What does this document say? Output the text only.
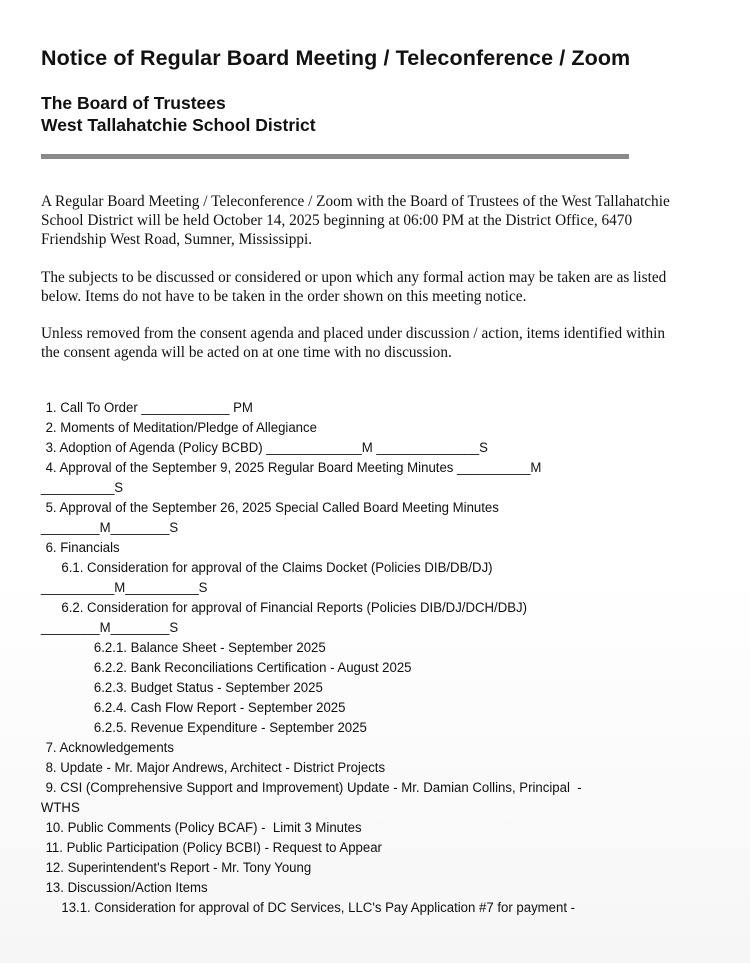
Notice of Regular Board Meeting / Teleconference / Zoom
The Board of Trustees
West Tallahatchie School District

A Regular Board Meeting / Teleconference / Zoom with the Board of Trustees of the West Tallahatchie School District will be held October 14, 2025 beginning at 06:00 PM at the District Office, 6470 Friendship West Road, Sumner, Mississippi.

The subjects to be discussed or considered or upon which any formal action may be taken are as listed below. Items do not have to be taken in the order shown on this meeting notice.

Unless removed from the consent agenda and placed under discussion / action, items identified within the consent agenda will be acted on at one time with no discussion.

1. Call To Order ____________ PM
2. Moments of Meditation/Pledge of Allegiance
3. Adoption of Agenda (Policy BCBD) _____________M ______________S
4. Approval of the September 9, 2025 Regular Board Meeting Minutes __________M
__________S
5. Approval of the September 26, 2025 Special Called Board Meeting Minutes
________M________S
6. Financials
6.1. Consideration for approval of the Claims Docket (Policies DIB/DB/DJ)
__________M__________S
6.2. Consideration for approval of Financial Reports (Policies DIB/DJ/DCH/DBJ)
________M________S
6.2.1. Balance Sheet - September 2025
6.2.2. Bank Reconciliations Certification - August 2025
6.2.3. Budget Status - September 2025
6.2.4. Cash Flow Report - September 2025
6.2.5. Revenue Expenditure - September 2025
7. Acknowledgements
8. Update - Mr. Major Andrews, Architect - District Projects
9. CSI (Comprehensive Support and Improvement) Update - Mr. Damian Collins, Principal  -
WTHS
10. Public Comments (Policy BCAF) -  Limit 3 Minutes
11. Public Participation (Policy BCBI) - Request to Appear
12. Superintendent's Report - Mr. Tony Young
13. Discussion/Action Items
13.1. Consideration for approval of DC Services, LLC's Pay Application #7 for payment -
